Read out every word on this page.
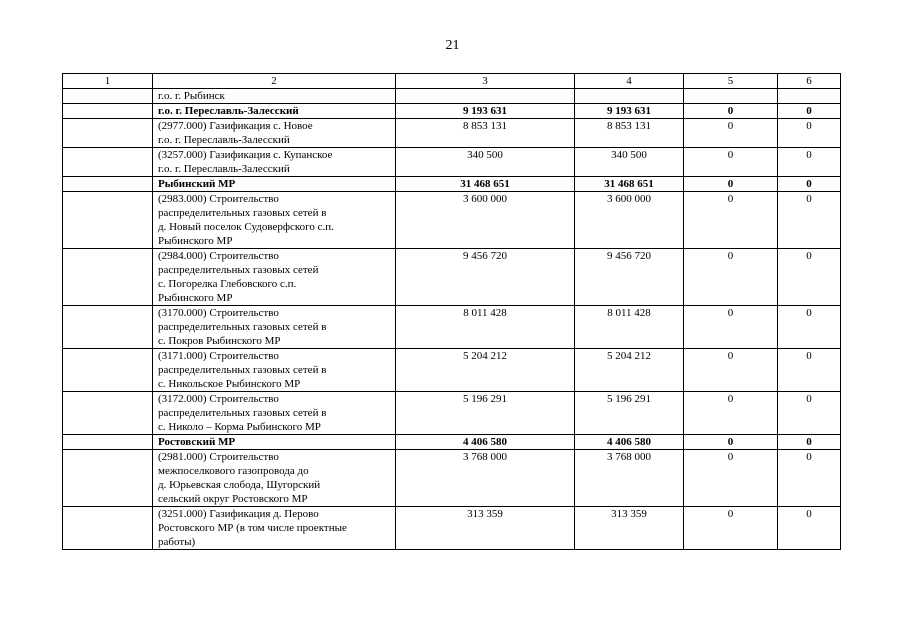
21
1	2	3	4	5	6
	г.о. г. Рыбинск				
	г.о. г. Переславль-Залесский	9 193 631	9 193 631	0	0
	(2977.000) Газификация с. Новое
г.о. г. Переславль-Залесский	8 853 131	8 853 131	0	0
	(3257.000) Газификация с. Купанское
г.о. г. Переславль-Залесский	340 500	340 500	0	0
	Рыбинский МР	31 468 651	31 468 651	0	0
	(2983.000) Строительство
распределительных газовых сетей в
д. Новый поселок Судоверфского с.п.
Рыбинского МР	3 600 000	3 600 000	0	0
	(2984.000) Строительство
распределительных газовых сетей
с. Погорелка Глебовского с.п.
Рыбинского МР	9 456 720	9 456 720	0	0
	(3170.000) Строительство
распределительных газовых сетей в
с. Покров Рыбинского МР	8 011 428	8 011 428	0	0
	(3171.000) Строительство
распределительных газовых сетей в
с. Никольское Рыбинского МР	5 204 212	5 204 212	0	0
	(3172.000) Строительство
распределительных газовых сетей в
с. Николо – Корма Рыбинского МР	5 196 291	5 196 291	0	0
	Ростовский МР	4 406 580	4 406 580	0	0
	(2981.000) Строительство
межпоселкового газопровода до
д. Юрьевская слобода, Шугорский
сельский округ Ростовского МР	3 768 000	3 768 000	0	0
	(3251.000) Газификация д. Перово
Ростовского МР (в том числе проектные
работы)	313 359	313 359	0	0
